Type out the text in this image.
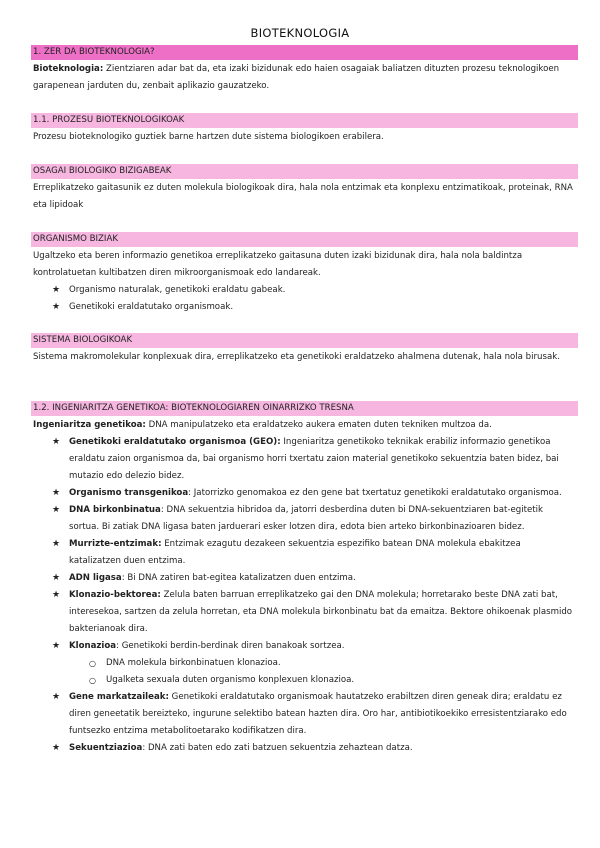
BIOTEKNOLOGIA
1. ZER DA BIOTEKNOLOGIA?
Bioteknologia: Zientziaren adar bat da, eta izaki bizidunak edo haien osagaiak baliatzen dituzten prozesu teknologikoen garapenean jarduten du, zenbait aplikazio gauzatzeko.
1.1. PROZESU BIOTEKNOLOGIKOAK
Prozesu bioteknologiko guztiek barne hartzen dute sistema biologikoen erabilera.
OSAGAI BIOLOGIKO BIZIGABEAK
Erreplikatzeko gaitasunik ez duten molekula biologikoak dira, hala nola entzimak eta konplexu entzimatikoak, proteinak, RNA eta lipidoak
ORGANISMO BIZIAK
Ugaltzeko eta beren informazio genetikoa erreplikatzeko gaitasuna duten izaki bizidunak dira, hala nola baldintza kontrolatuetan kultibatzen diren mikroorganismoak edo landareak.
★ Organismo naturalak, genetikoki eraldatu gabeak.
★ Genetikoki eraldatutako organismoak.
SISTEMA BIOLOGIKOAK
Sistema makromolekular konplexuak dira, erreplikatzeko eta genetikoki eraldatzeko ahalmena dutenak, hala nola birusak.
1.2. INGENIARITZA GENETIKOA: BIOTEKNOLOGIAREN OINARRIZKO TRESNA
Ingeniaritza genetikoa: DNA manipulatzeko eta eraldatzeko aukera ematen duten tekniken multzoa da.
★ Genetikoki eraldatutako organismoa (GEO): Ingeniaritza genetikoko teknikak erabiliz informazio genetikoa eraldatu zaion organismoa da, bai organismo horri txertatu zaion material genetikoko sekuentzia baten bidez, bai mutazio edo delezio bidez.
★ Organismo transgenikoa: Jatorrizko genomakoa ez den gene bat txertatuz genetikoki eraldatutako organismoa.
★ DNA birkonbinatua: DNA sekuentzia hibridoa da, jatorri desberdina duten bi DNA-sekuentziaren bat-egitetik sortua. Bi zatiak DNA ligasa baten jarduerari esker lotzen dira, edota bien arteko birkonbinazioaren bidez.
★ Murrizte-entzimak: Entzimak ezagutu dezakeen sekuentzia espezifiko batean DNA molekula ebakitzea katalizatzen duen entzima.
★ ADN ligasa: Bi DNA zatiren bat-egitea katalizatzen duen entzima.
★ Klonazio-bektorea: Zelula baten barruan erreplikatzeko gai den DNA molekula; horretarako beste DNA zati bat, interesekoa, sartzen da zelula horretan, eta DNA molekula birkonbinatu bat da emaitza. Bektore ohikoenak plasmido bakterianoak dira.
★ Klonazioa: Genetikoki berdin-berdinak diren banakoak sortzea.
○ DNA molekula birkonbinatuen klonazioa.
○ Ugalketa sexuala duten organismo konplexuen klonazioa.
★ Gene markatzaileak: Genetikoki eraldatutako organismoak hautatzeko erabiltzen diren geneak dira; eraldatu ez diren geneetatik bereizteko, ingurune selektibo batean hazten dira. Oro har, antibiotikoekiko erresistentziarako edo funtsezko entzima metabolitoetarako kodifikatzen dira.
★ Sekuentziazioa: DNA zati baten edo zati batzuen sekuentzia zehaztean datza.
